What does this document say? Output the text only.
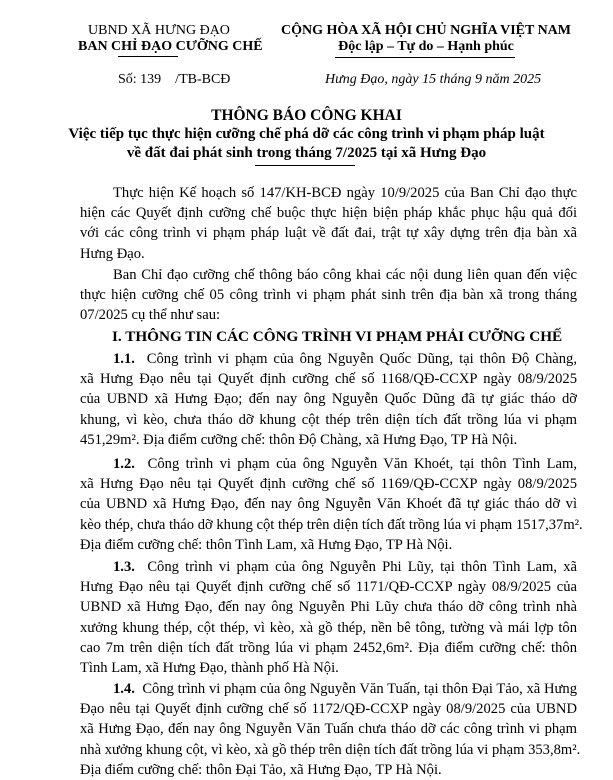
UBND XÃ HƯNG ĐẠO
BAN CHỈ ĐẠO CƯỠNG CHẾ
CỘNG HÒA XÃ HỘI CHỦ NGHĨA VIỆT NAM
Độc lập – Tự do – Hạnh phúc
Số: 139    /TB-BCĐ	Hưng Đạo, ngày 15 tháng 9 năm 2025
THÔNG BÁO CÔNG KHAI
Việc tiếp tục thực hiện cưỡng chế phá dỡ các công trình vi phạm pháp luật
về đất đai phát sinh trong tháng 7/2025 tại xã Hưng Đạo
Thực hiện Kế hoạch số 147/KH-BCĐ ngày 10/9/2025 của Ban Chỉ đạo thực
hiện các Quyết định cưỡng chế buộc thực hiện biện pháp khắc phục hậu quả đối
với các công trình vi phạm pháp luật về đất đai, trật tự xây dựng trên địa bàn xã
Hưng Đạo.
Ban Chỉ đạo cưỡng chế thông báo công khai các nội dung liên quan đến việc
thực hiện cưỡng chế 05 công trình vi phạm phát sinh trên địa bàn xã trong tháng
07/2025 cụ thể như sau:
I. THÔNG TIN CÁC CÔNG TRÌNH VI PHẠM PHẢI CƯỠNG CHẾ
1.1. Công trình vi phạm của ông Nguyễn Quốc Dũng, tại thôn Độ Chàng,
xã Hưng Đạo nêu tại Quyết định cưỡng chế số 1168/QĐ-CCXP ngày 08/9/2025
của UBND xã Hưng Đạo; đến nay ông Nguyễn Quốc Dũng đã tự giác tháo dỡ
khung, vì kèo, chưa tháo dỡ khung cột thép trên diện tích đất trồng lúa vi phạm
451,29m². Địa điểm cưỡng chế: thôn Độ Chàng, xã Hưng Đạo, TP Hà Nội.
1.2. Công trình vi phạm của ông Nguyễn Văn Khoét, tại thôn Tình Lam,
xã Hưng Đạo nêu tại Quyết định cưỡng chế số 1169/QĐ-CCXP ngày 08/9/2025
của UBND xã Hưng Đạo, đến nay ông Nguyễn Văn Khoét đã tự giác tháo dỡ vì
kèo thép, chưa tháo dỡ khung cột thép trên diện tích đất trồng lúa vi phạm 1517,37m².
Địa điểm cưỡng chế: thôn Tình Lam, xã Hưng Đạo, TP Hà Nội.
1.3. Công trình vi phạm của ông Nguyễn Phi Lũy, tại thôn Tình Lam, xã
Hưng Đạo nêu tại Quyết định cưỡng chế số 1171/QĐ-CCXP ngày 08/9/2025 của
UBND xã Hưng Đạo, đến nay ông Nguyễn Phi Lũy chưa tháo dỡ công trình nhà
xưởng khung thép, cột thép, vì kèo, xà gồ thép, nền bê tông, tường và mái lợp tôn
cao 7m trên diện tích đất trồng lúa vi phạm 2452,6m². Địa điểm cưỡng chế: thôn
Tình Lam, xã Hưng Đạo, thành phố Hà Nội.
1.4. Công trình vi phạm của ông Nguyễn Văn Tuấn, tại thôn Đại Tảo, xã Hưng
Đạo nêu tại Quyết định cưỡng chế số 1172/QĐ-CCXP ngày 08/9/2025 của UBND
xã Hưng Đạo, đến nay ông Nguyễn Văn Tuấn chưa tháo dỡ các công trình vi phạm
nhà xưởng khung cột, vì kèo, xà gồ thép trên diện tích đất trồng lúa vi phạm 353,8m².
Địa điểm cưỡng chế: thôn Đại Tảo, xã Hưng Đạo, TP Hà Nội.
